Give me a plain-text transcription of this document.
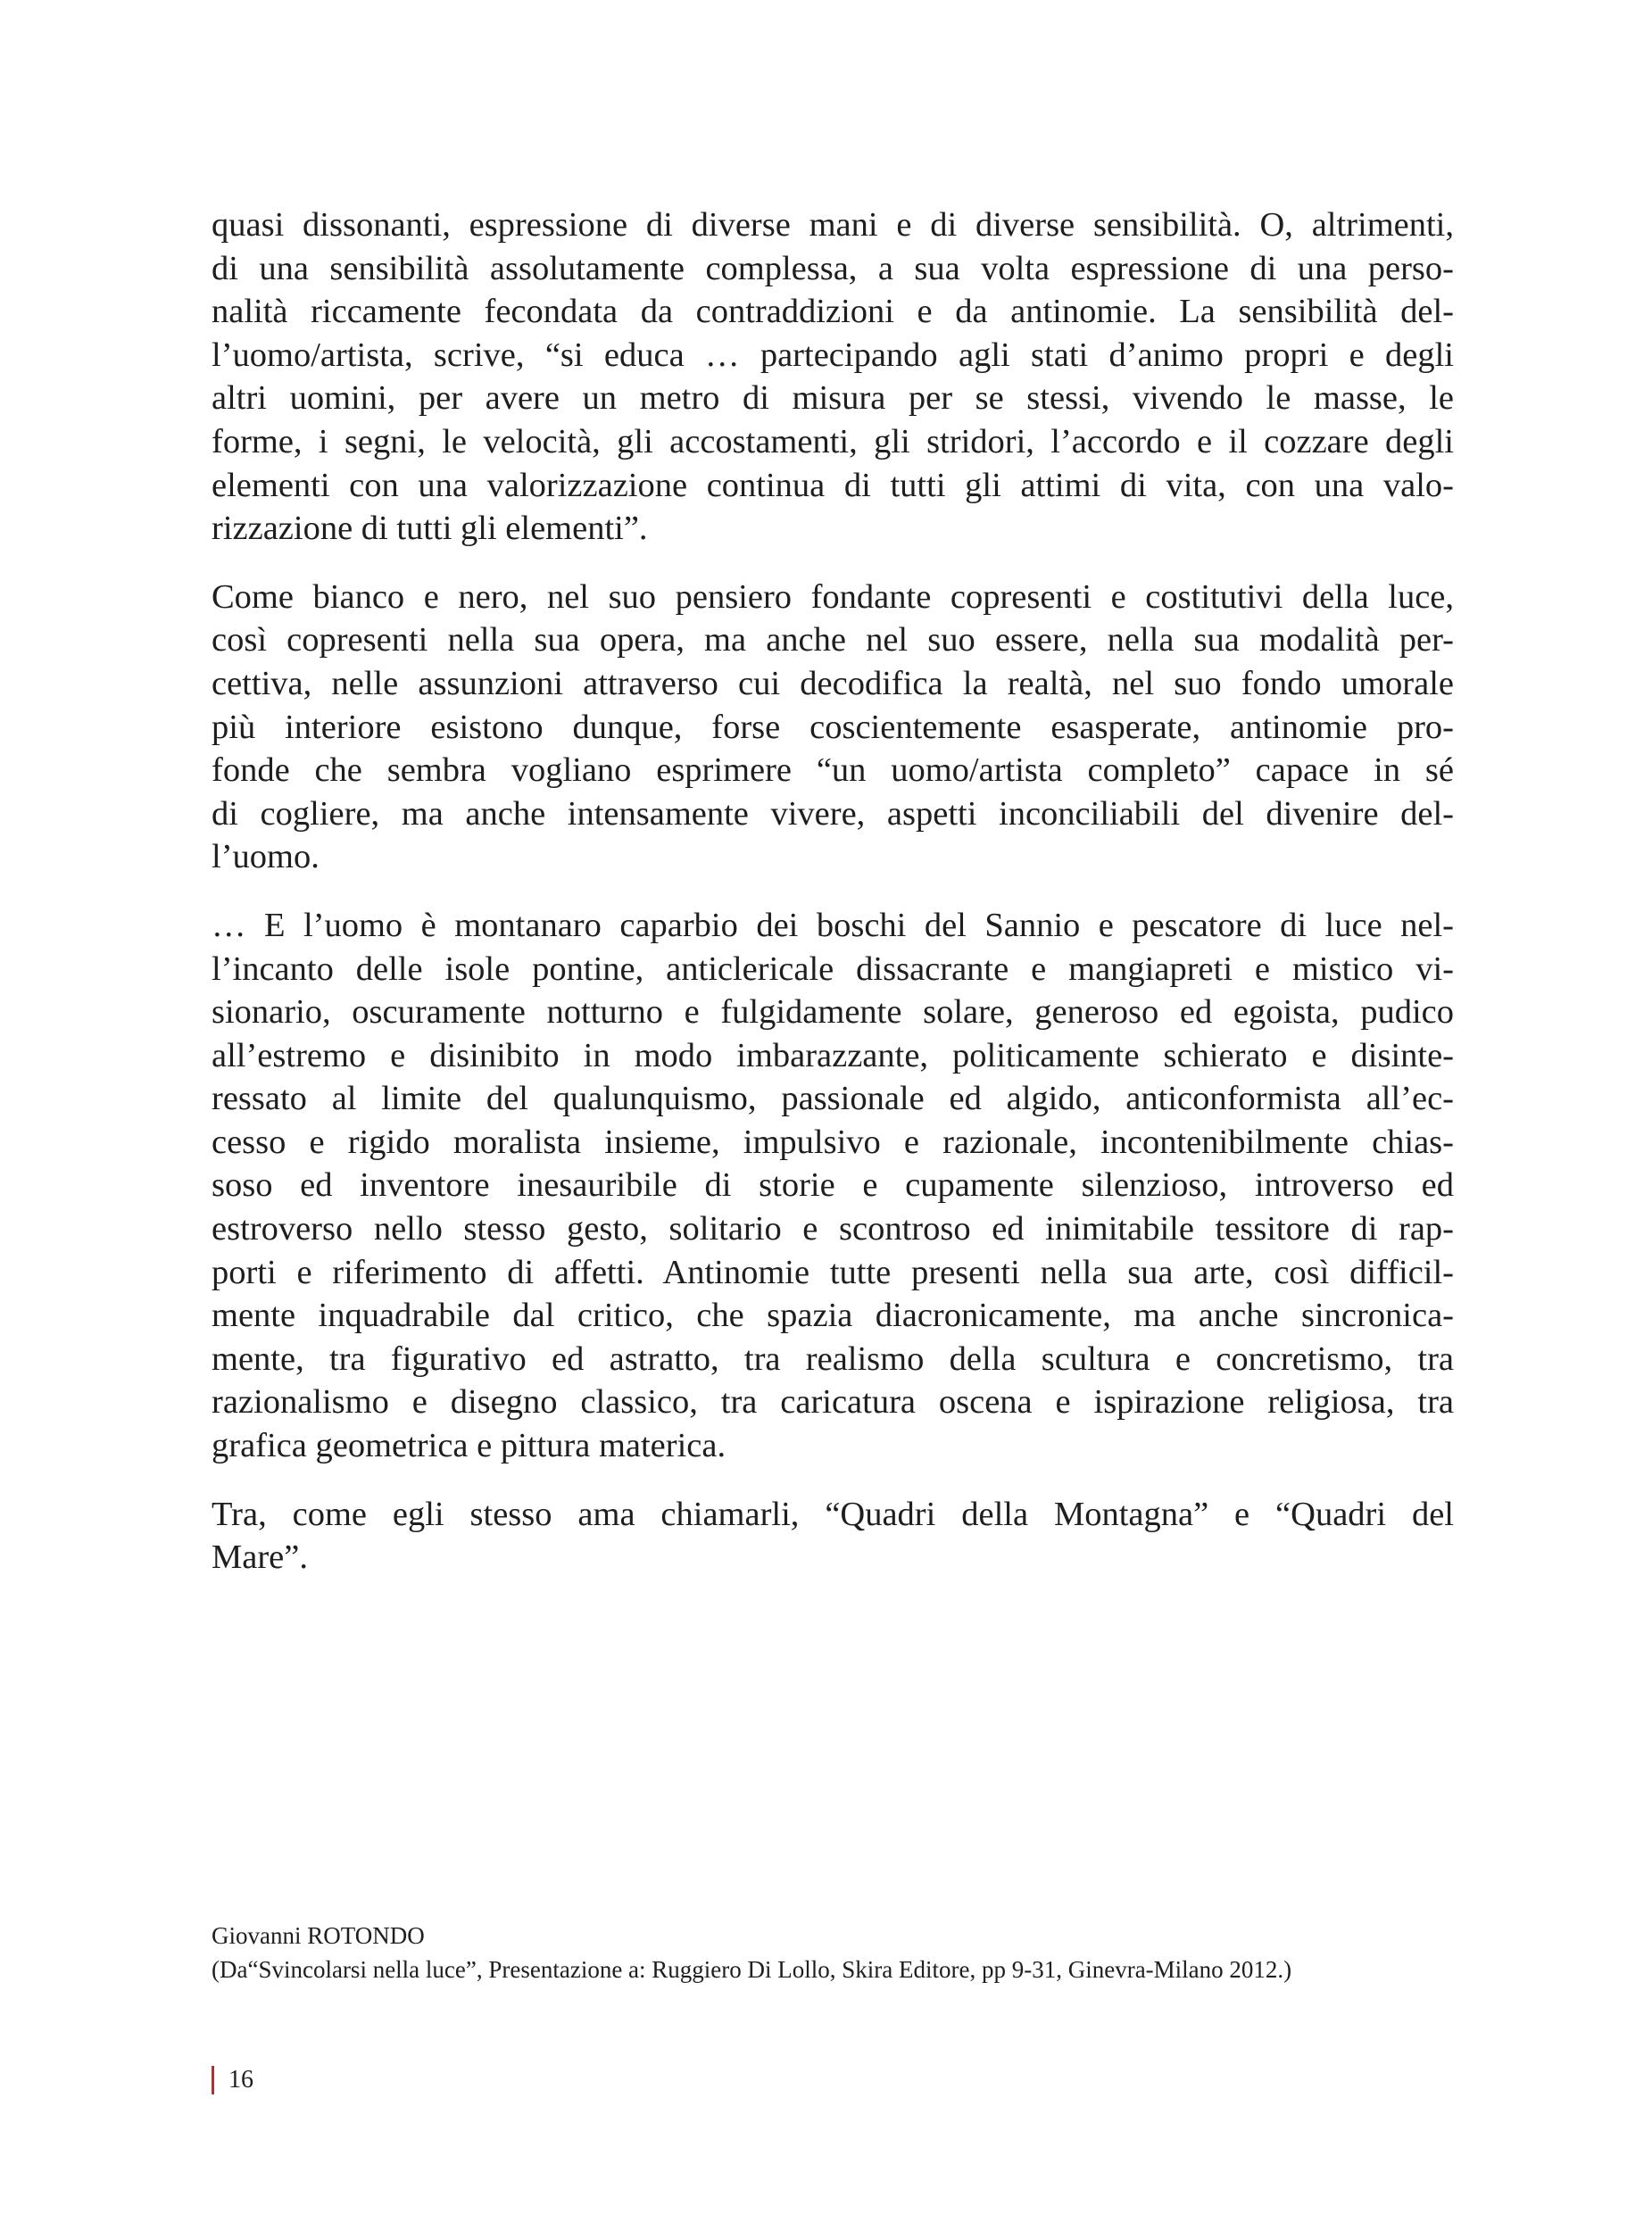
quasi dissonanti, espressione di diverse mani e di diverse sensibilità. O, altrimenti,
di una sensibilità assolutamente complessa, a sua volta espressione di una perso-
nalità riccamente fecondata da contraddizioni e da antinomie. La sensibilità del-
l’uomo/artista, scrive, “si educa … partecipando agli stati d’animo propri e degli
altri uomini, per avere un metro di misura per se stessi, vivendo le masse, le
forme, i segni, le velocità, gli accostamenti, gli stridori, l’accordo e il cozzare degli
elementi con una valorizzazione continua di tutti gli attimi di vita, con una valo-
rizzazione di tutti gli elementi”.

Come bianco e nero, nel suo pensiero fondante copresenti e costitutivi della luce,
così copresenti nella sua opera, ma anche nel suo essere, nella sua modalità per-
cettiva, nelle assunzioni attraverso cui decodifica la realtà, nel suo fondo umorale
più interiore esistono dunque, forse coscientemente esasperate, antinomie pro-
fonde che sembra vogliano esprimere “un uomo/artista completo” capace in sé
di cogliere, ma anche intensamente vivere, aspetti inconciliabili del divenire del-
l’uomo.

… E l’uomo è montanaro caparbio dei boschi del Sannio e pescatore di luce nel-
l’incanto delle isole pontine, anticlericale dissacrante e mangiapreti e mistico vi-
sionario, oscuramente notturno e fulgidamente solare, generoso ed egoista, pudico
all’estremo e disinibito in modo imbarazzante, politicamente schierato e disinte-
ressato al limite del qualunquismo, passionale ed algido, anticonformista all’ec-
cesso e rigido moralista insieme, impulsivo e razionale, incontenibilmente chias-
soso ed inventore inesauribile di storie e cupamente silenzioso, introverso ed
estroverso nello stesso gesto, solitario e scontroso ed inimitabile tessitore di rap-
porti e riferimento di affetti. Antinomie tutte presenti nella sua arte, così difficil-
mente inquadrabile dal critico, che spazia diacronicamente, ma anche sincronica-
mente, tra figurativo ed astratto, tra realismo della scultura e concretismo, tra
razionalismo e disegno classico, tra caricatura oscena e ispirazione religiosa, tra
grafica geometrica e pittura materica.

Tra, come egli stesso ama chiamarli, “Quadri della Montagna” e “Quadri del
Mare”.

Giovanni ROTONDO
(Da“Svincolarsi nella luce”, Presentazione a: Ruggiero Di Lollo, Skira Editore, pp 9-31, Ginevra-Milano 2012.)
16
